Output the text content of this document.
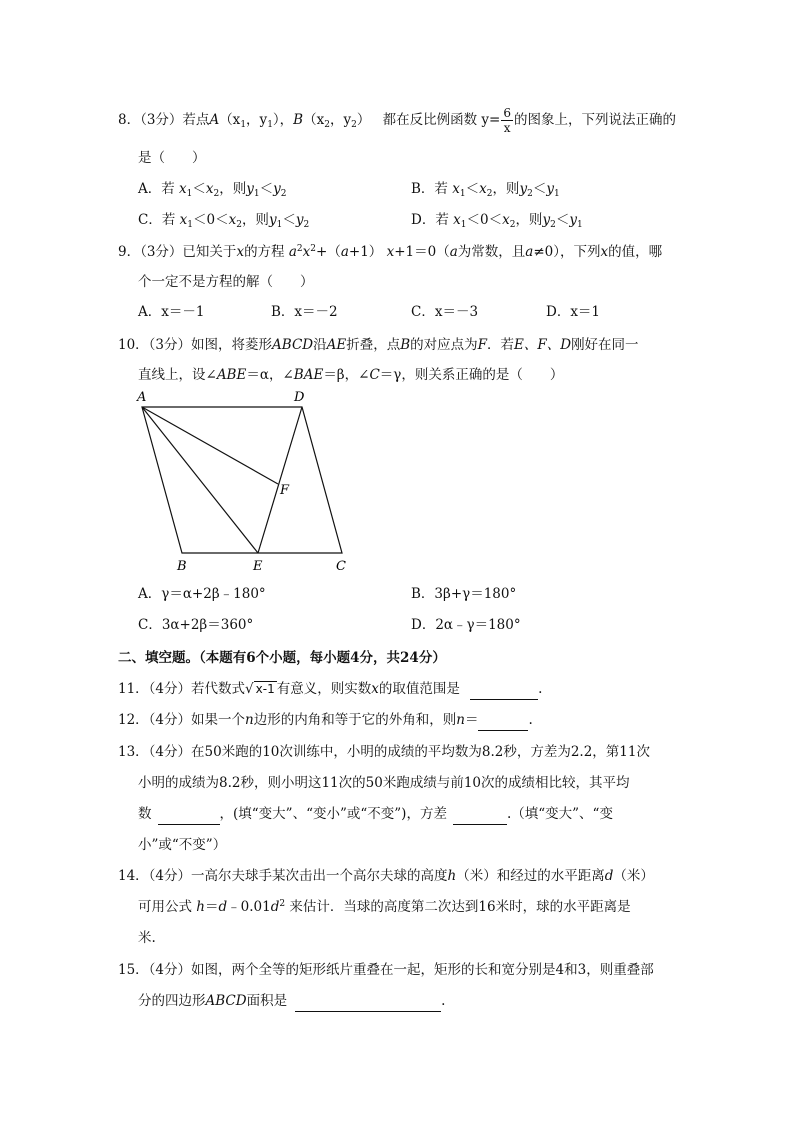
8．（3分）若点$A(x_1$，$y_1$），$B(x_2$，$y_2$） 都在反比例函数 $y= \frac{6}{x}$ 的图象上，下列说法正确的
是（　　）
A．若 $x_1<x_2$，则$y_1<y_2$	B．若 $x_1<x_2$，则$y_2<y_1$
C．若 $x_1<0<x_2$，则$y_1<y_2$	D．若 $x_1<0<x_2$，则$y_2<y_1$
9．（3分）已知关于x的方程 $a^2x^2+(a+1)$ x+1＝0（a为常数，且a≠0），下列x的值，哪
个一定不是方程的解（　　）
A．x＝－1	B．x＝－2	C．x＝－3	D．x＝1
10．（3分）如图，将菱形ABCD沿AE折叠，点B的对应点为F．若E、F、D刚好在同一
直线上，设∠ABE＝α，∠BAE＝β，∠C＝γ，则关系正确的是（　　）
A	D
F
B	E	C
A．γ＝α+2β﹣180°	B．3β+γ＝180°
C．3α+2β＝360°	D．2α﹣γ＝180°
二、填空题。（本题有6个小题，每小题4分，共24分）
11．（4分）若代数式√ x-1 有意义，则实数x的取值范围是	.
12．（4分）如果一个n边形的内角和等于它的外角和，则n＝	.
13．（4分）在50米跑的10次训练中，小明的成绩的平均数为8.2秒，方差为2.2，第11次
小明的成绩为8.2秒，则小明这11次的50米跑成绩与前10次的成绩相比较，其平均
数	，(填“变大”、“变小”或“不变”)，方差	.（填“变大”、“变
小”或“不变”）
14．（4分）一高尔夫球手某次击出一个高尔夫球的高度h（米）和经过的水平距离d（米）
可用公式 $h=d﹣0.01d^2$ 来估计．当球的高度第二次达到16米时，球的水平距离是
米.
15．（4分）如图，两个全等的矩形纸片重叠在一起，矩形的长和宽分别是4和3，则重叠部
分的四边形ABCD面积是	.
